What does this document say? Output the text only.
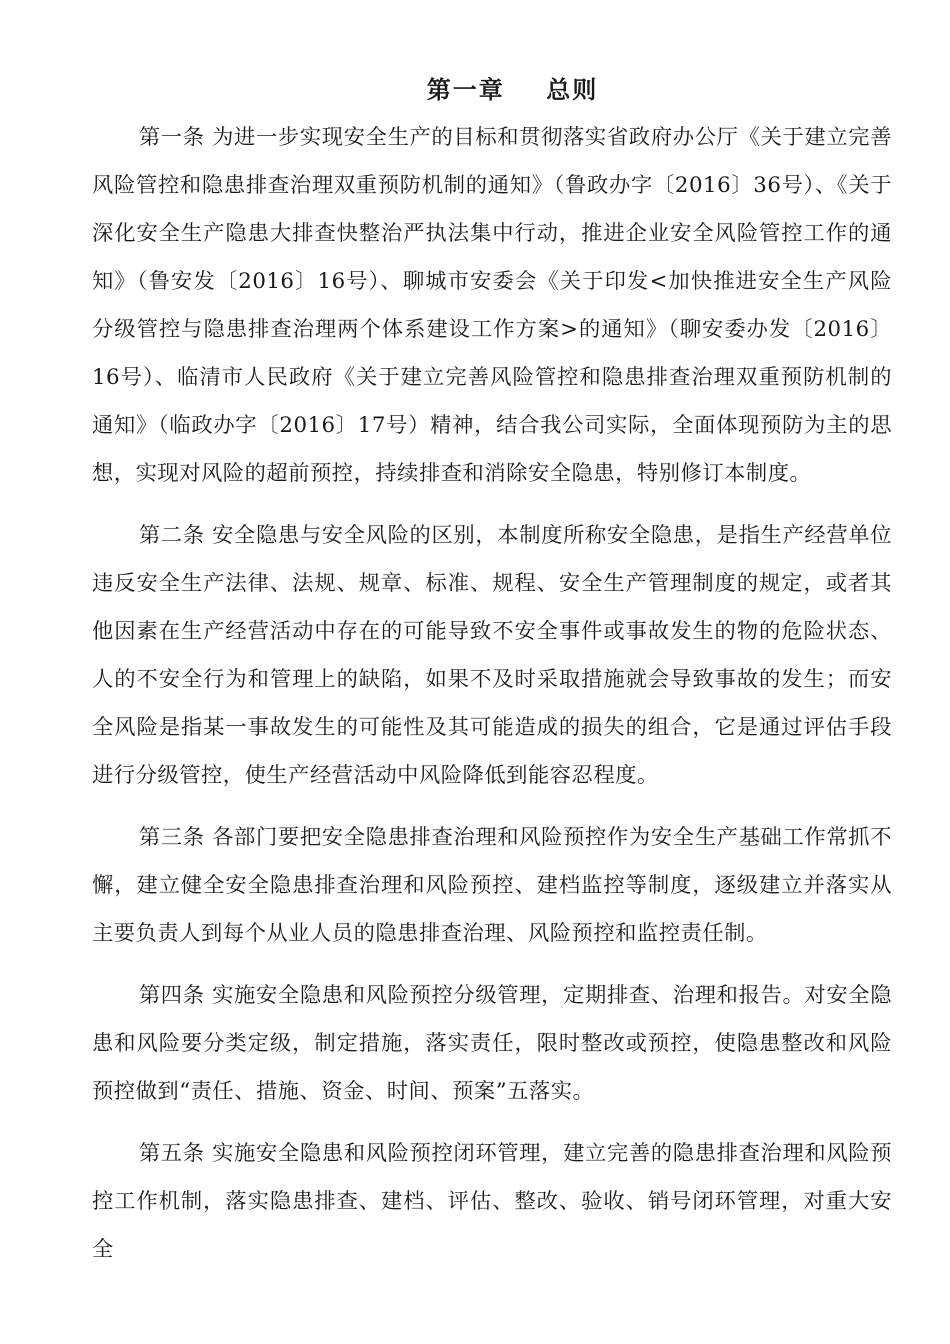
第一章    总则

第一条 为进一步实现安全生产的目标和贯彻落实省政府办公厅《关于建立完善风险管控和隐患排查治理双重预防机制的通知》（鲁政办字〔2016〕36号）、《关于深化安全生产隐患大排查快整治严执法集中行动，推进企业安全风险管控工作的通知》（鲁安发〔2016〕16号）、聊城市安委会《关于印发<加快推进安全生产风险分级管控与隐患排查治理两个体系建设工作方案>的通知》（聊安委办发〔2016〕16号）、临清市人民政府《关于建立完善风险管控和隐患排查治理双重预防机制的通知》（临政办字〔2016〕17号）精神，结合我公司实际，全面体现预防为主的思想，实现对风险的超前预控，持续排查和消除安全隐患，特别修订本制度。

第二条 安全隐患与安全风险的区别，本制度所称安全隐患，是指生产经营单位违反安全生产法律、法规、规章、标准、规程、安全生产管理制度的规定，或者其他因素在生产经营活动中存在的可能导致不安全事件或事故发生的物的危险状态、人的不安全行为和管理上的缺陷，如果不及时采取措施就会导致事故的发生；而安全风险是指某一事故发生的可能性及其可能造成的损失的组合，它是通过评估手段进行分级管控，使生产经营活动中风险降低到能容忍程度。

第三条 各部门要把安全隐患排查治理和风险预控作为安全生产基础工作常抓不懈，建立健全安全隐患排查治理和风险预控、建档监控等制度，逐级建立并落实从主要负责人到每个从业人员的隐患排查治理、风险预控和监控责任制。

第四条 实施安全隐患和风险预控分级管理，定期排查、治理和报告。对安全隐患和风险要分类定级，制定措施，落实责任，限时整改或预控，使隐患整改和风险预控做到“责任、措施、资金、时间、预案”五落实。

第五条 实施安全隐患和风险预控闭环管理，建立完善的隐患排查治理和风险预控工作机制，落实隐患排查、建档、评估、整改、验收、销号闭环管理，对重大安全
